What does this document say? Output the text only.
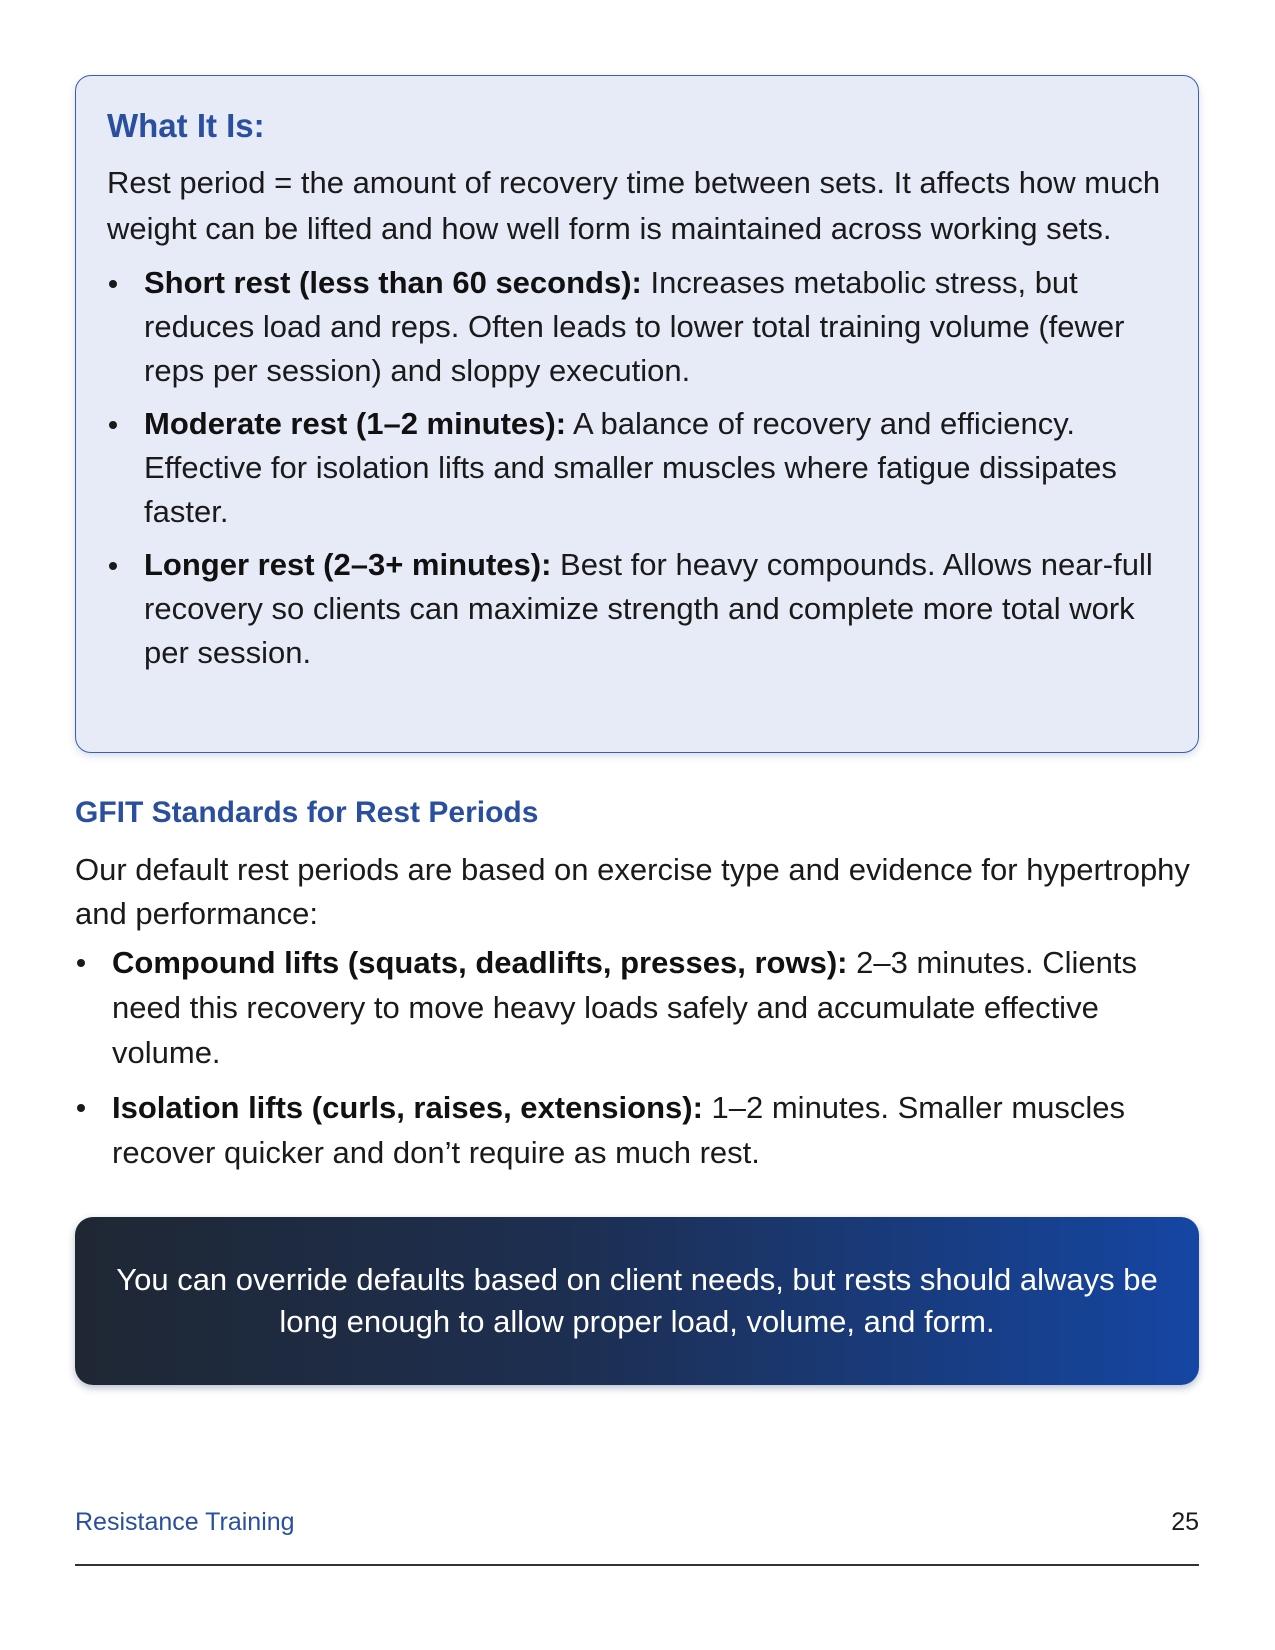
What It Is:

Rest period = the amount of recovery time between sets. It affects how much weight can be lifted and how well form is maintained across working sets.

Short rest (less than 60 seconds): Increases metabolic stress, but reduces load and reps. Often leads to lower total training volume (fewer reps per session) and sloppy execution.
Moderate rest (1–2 minutes): A balance of recovery and efficiency. Effective for isolation lifts and smaller muscles where fatigue dissipates faster.
Longer rest (2–3+ minutes): Best for heavy compounds. Allows near-full recovery so clients can maximize strength and complete more total work per session.
GFIT Standards for Rest Periods

Our default rest periods are based on exercise type and evidence for hypertrophy and performance:

Compound lifts (squats, deadlifts, presses, rows): 2–3 minutes. Clients need this recovery to move heavy loads safely and accumulate effective volume.
Isolation lifts (curls, raises, extensions): 1–2 minutes. Smaller muscles recover quicker and don’t require as much rest.

You can override defaults based on client needs, but rests should always be long enough to allow proper load, volume, and form.

Resistance Training	25
